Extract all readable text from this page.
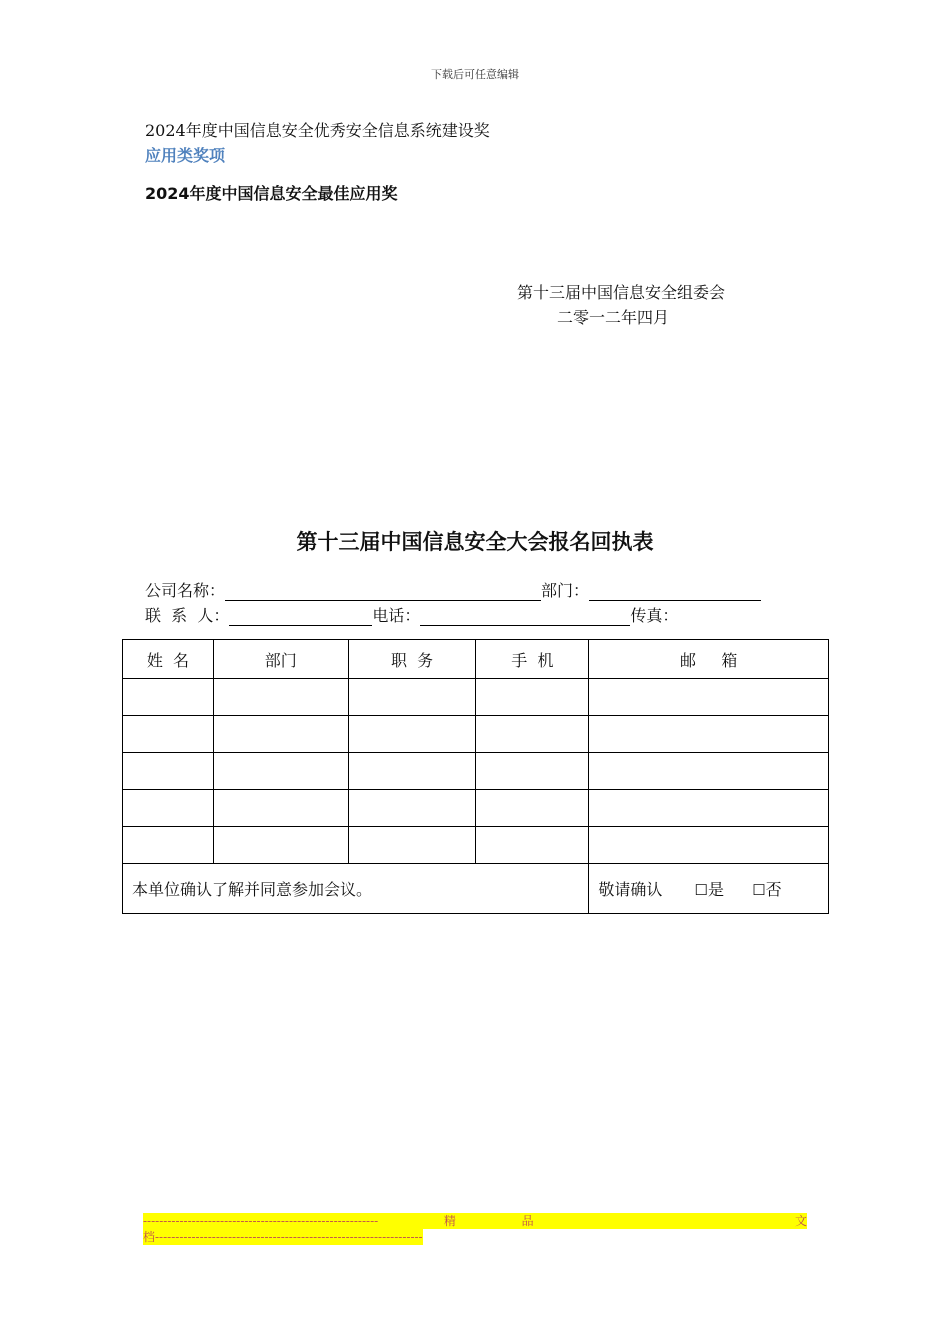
下载后可任意编辑
2024年度中国信息安全优秀安全信息系统建设奖
应用类奖项
2024年度中国信息安全最佳应用奖
第十三届中国信息安全组委会
二零一二年四月
第十三届中国信息安全大会报名回执表
公司名称：	部门：
联  系  人：	电话：	传真：
姓  名	部门	职  务	手  机	邮     箱

本单位确认了解并同意参加会议。				敬请确认 ☐是 ☐否
----------------------------------------------------------	精	品	文
档------------------------------------------------------------------
